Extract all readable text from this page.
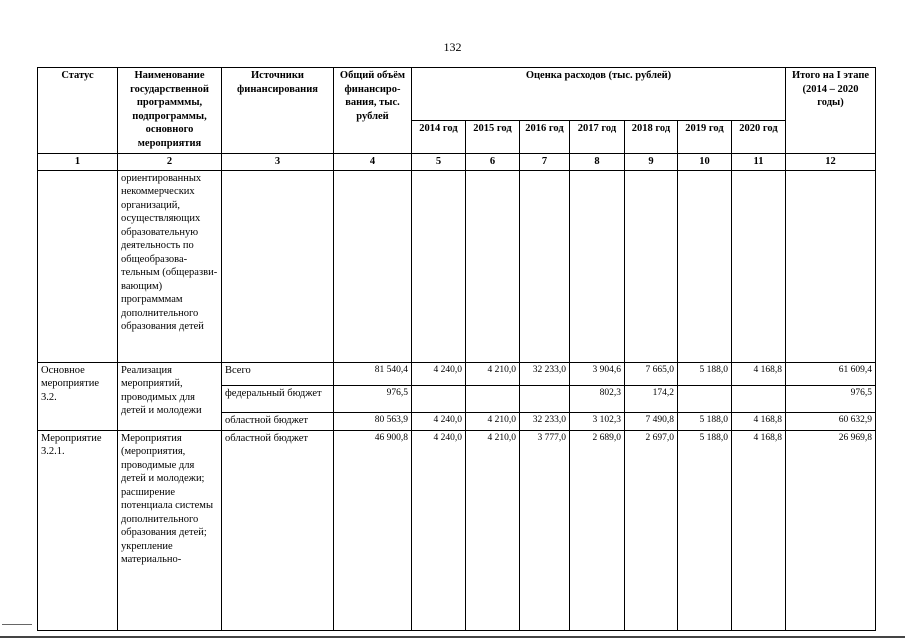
132
Статус	Наименование государственной программмы, подпрограммы, основного мероприятия	Источники финансирования	Общий объём финансиро-вания, тыс. рублей	Оценка расходов (тыс. рублей)							Итого на I этапе (2014 – 2020 годы)
				2014 год	2015 год	2016 год	2017 год	2018 год	2019 год	2020 год	
1	2	3	4	5	6	7	8	9	10	11	12
	ориентированных некоммерческих организаций, осуществляющих образовательную деятельность по общеобразова-тельным (общеразви-вающим) программмам дополнительного образования детей										
Основное мероприятие 3.2.	Реализация мероприятий, проводимых для детей и молодежи	Всего	81 540,4	4 240,0	4 210,0	32 233,0	3 904,6	7 665,0	5 188,0	4 168,8	61 609,4
		федеральный бюджет	976,5				802,3	174,2			976,5
		областной бюджет	80 563,9	4 240,0	4 210,0	32 233,0	3 102,3	7 490,8	5 188,0	4 168,8	60 632,9
Мероприятие 3.2.1.	Мероприятия (мероприятия, проводимые для детей и молодежи; расширение потенциала системы дополнительного образования детей; укрепление материально-	областной бюджет	46 900,8	4 240,0	4 210,0	3 777,0	2 689,0	2 697,0	5 188,0	4 168,8	26 969,8
